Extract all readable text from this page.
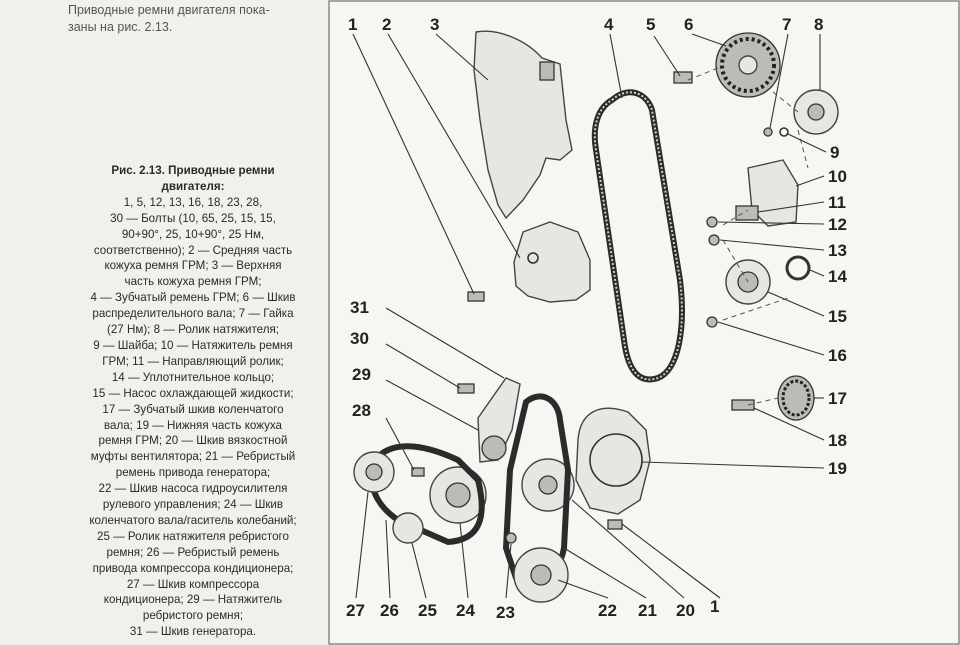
Приводные ремни двигателя пока-
заны на рис. 2.13.
Рис. 2.13. Приводные ремни
двигателя:
1, 5, 12, 13, 16, 18, 23, 28,
30 — Болты (10, 65, 25, 15, 15,
90+90°, 25, 10+90°, 25 Нм,
соответственно); 2 — Средняя часть
кожуха ремня ГРМ; 3 — Верхняя
часть кожуха ремня ГРМ;
4 — Зубчатый ремень ГРМ; 6 — Шкив
распределительного вала; 7 — Гайка
(27 Нм); 8 — Ролик натяжителя;
9 — Шайба; 10 — Натяжитель ремня
ГРМ; 11 — Направляющий ролик;
14 — Уплотнительное кольцо;
15 — Насос охлаждающей жидкости;
17 — Зубчатый шкив коленчатого
вала; 19 — Нижняя часть кожуха
ремня ГРМ; 20 — Шкив вязкостной
муфты вентилятора; 21 — Ребристый
ремень привода генератора;
22 — Шкив насоса гидроусилителя
рулевого управления; 24 — Шкив
коленчатого вала/гаситель колебаний;
25 — Ролик натяжителя ребристого
ремня; 26 — Ребристый ремень
привода компрессора кондиционера;
27 — Шкив компрессора
кондиционера; 29 — Натяжитель
ребристого ремня;
31 — Шкив генератора.
1 2 3	4 5 6	7 8
9
10
11
12
13
14
15
16
17
18
19
20
21
22
23
24
25
26
27
28
29
30
31
1
